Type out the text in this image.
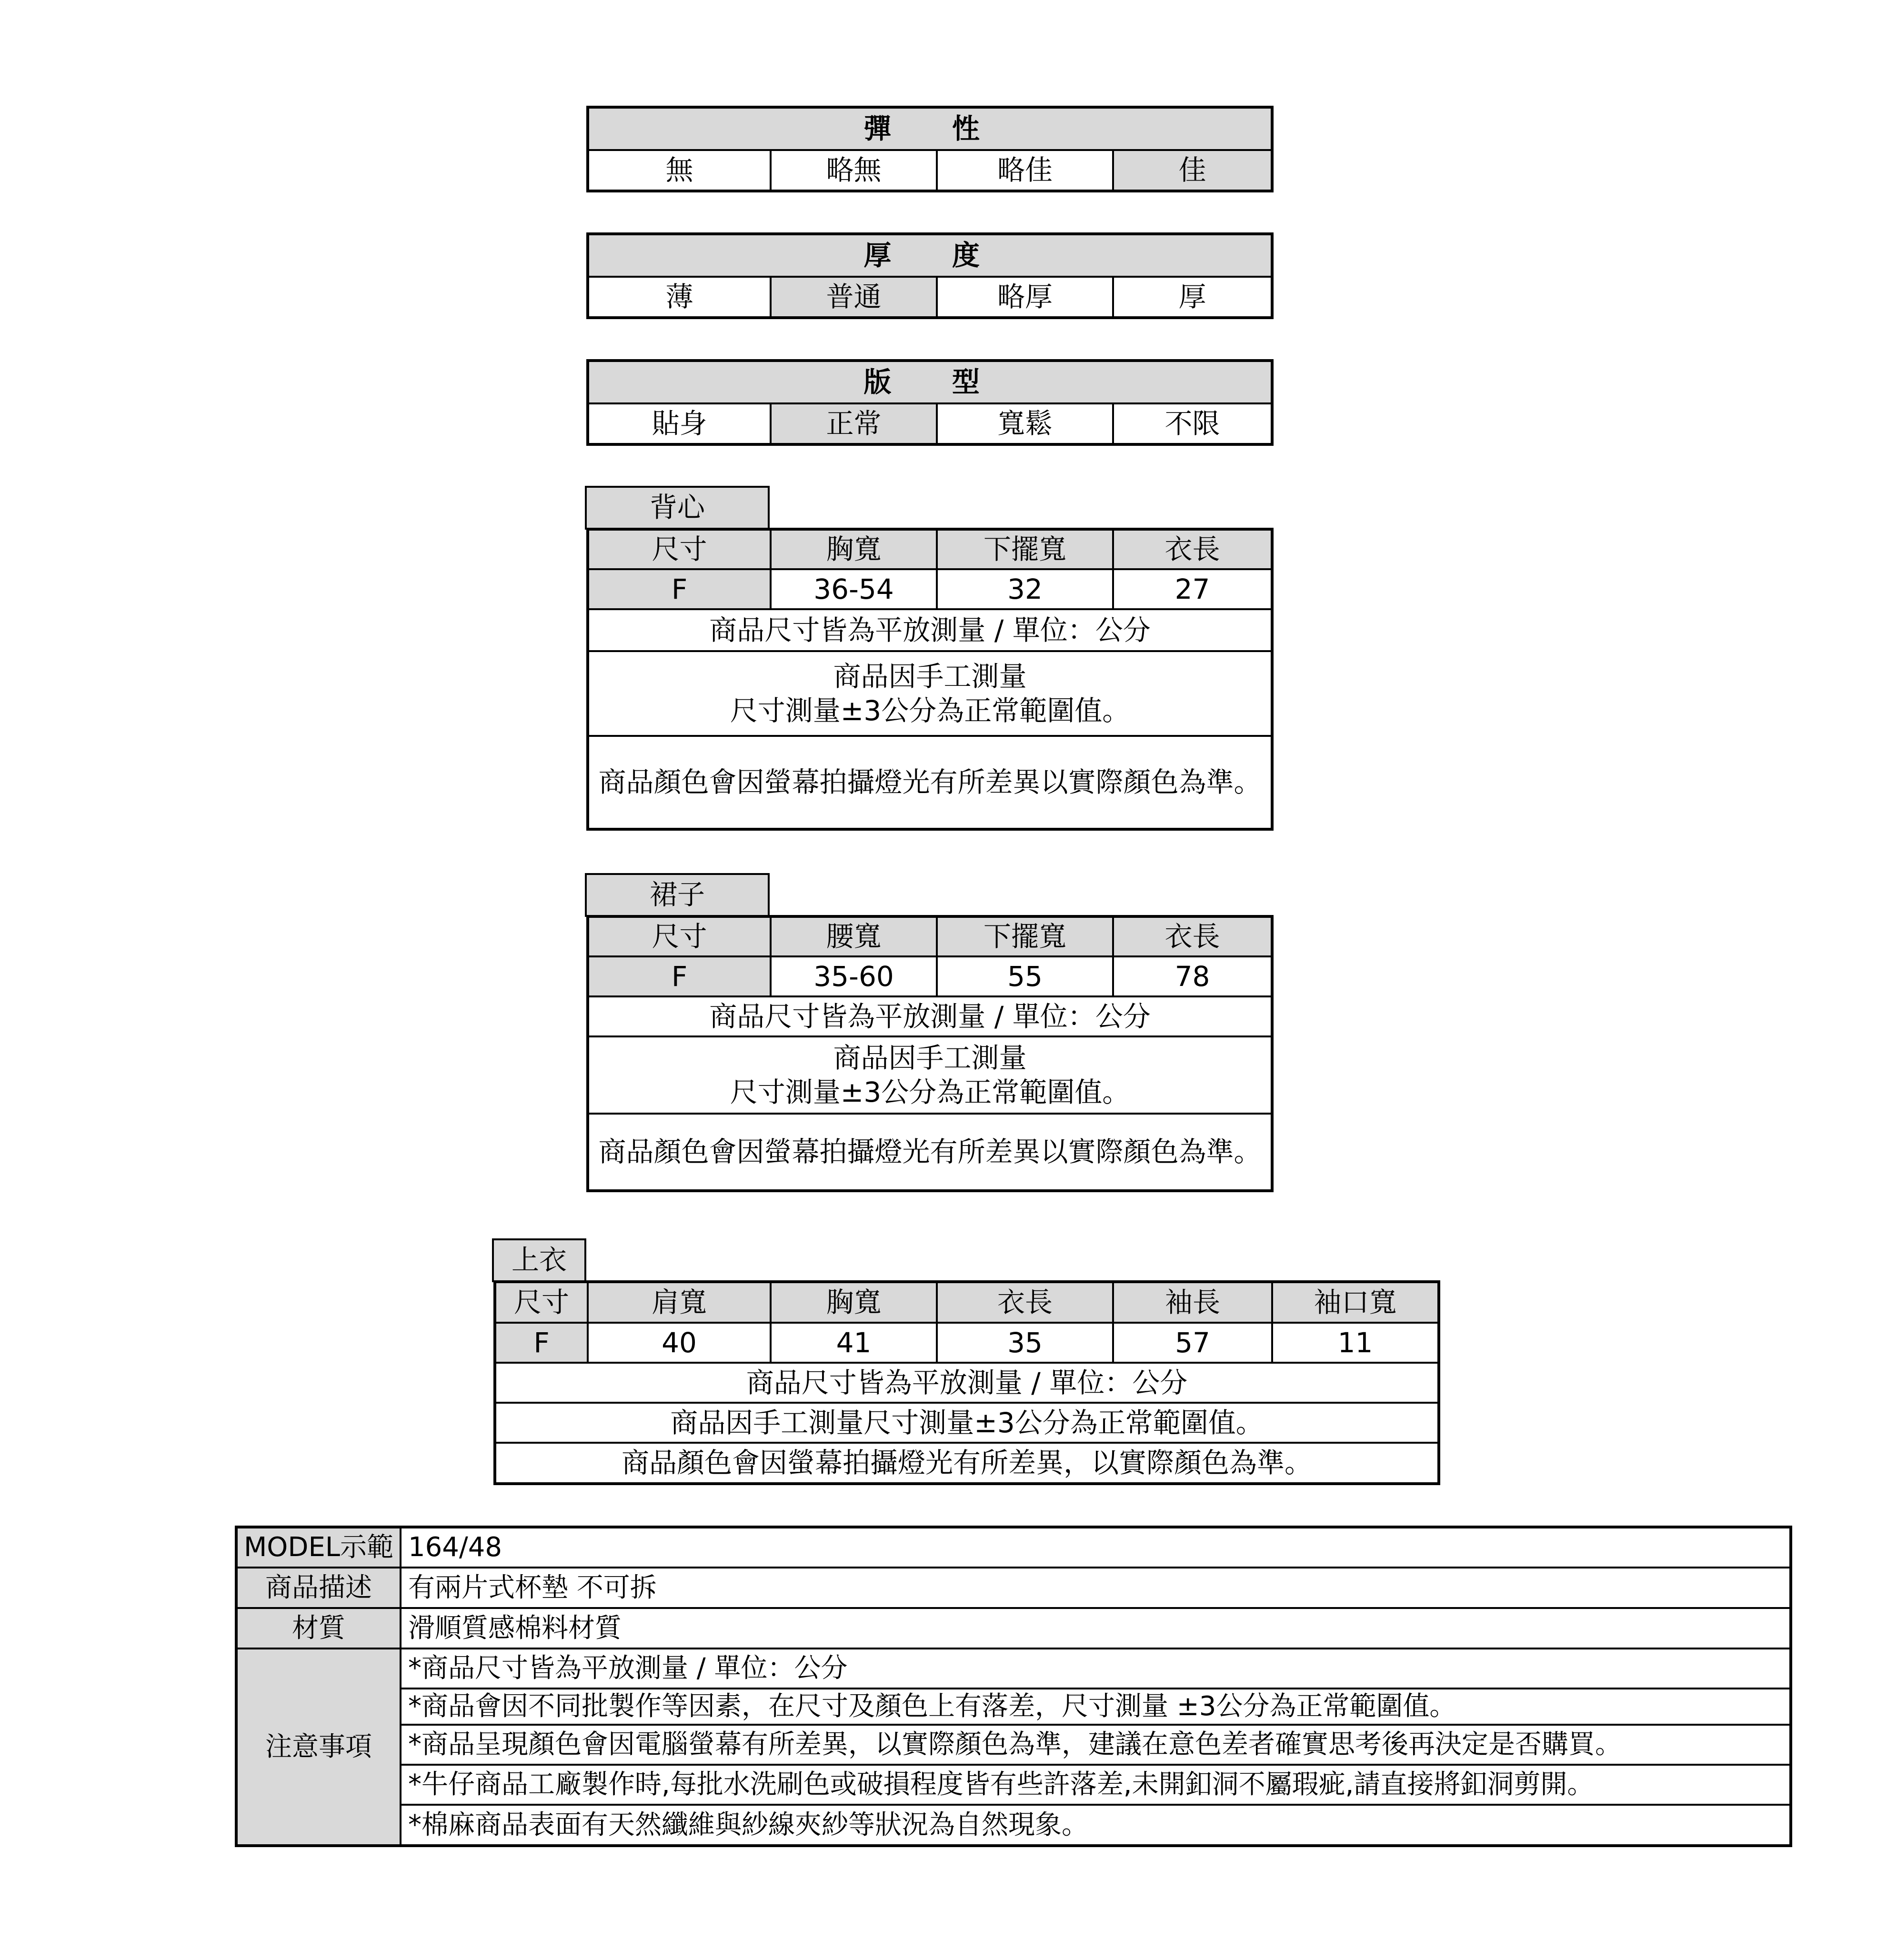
彈　性
無	略無	略佳	佳
厚　度
薄	普通	略厚	厚
版　型
貼身	正常	寬鬆	不限
背心
尺寸	胸寬	下擺寬	衣長
F	36-54	32	27
商品尺寸皆為平放測量 / 單位：公分			

商品因手工測量
尺寸測量±3公分為正常範圍值。			

商品顏色會因螢幕拍攝燈光有所差異以實際顏色為準。			
裙子
尺寸	腰寬	下擺寬	衣長
F	35-60	55	78
商品尺寸皆為平放測量 / 單位：公分			

商品因手工測量
尺寸測量±3公分為正常範圍值。			

商品顏色會因螢幕拍攝燈光有所差異以實際顏色為準。			
上衣
尺寸	肩寬	胸寬	衣長	袖長	袖口寬
F	40	41	35	57	11
商品尺寸皆為平放測量 / 單位：公分					
商品因手工測量尺寸測量±3公分為正常範圍值。					
商品顏色會因螢幕拍攝燈光有所差異，以實際顏色為準。					
MODEL示範	164/48
商品描述	有兩片式杯墊 不可拆
材質	滑順質感棉料材質
注意事項	*商品尺寸皆為平放測量 / 單位：公分
	*商品會因不同批製作等因素，在尺寸及顏色上有落差，尺寸測量 ±3公分為正常範圍值。
	*商品呈現顏色會因電腦螢幕有所差異，以實際顏色為準，建議在意色差者確實思考後再決定是否購買。
	*牛仔商品工廠製作時,每批水洗刷色或破損程度皆有些許落差,未開釦洞不屬瑕疵,請直接將釦洞剪開。
	*棉麻商品表面有天然纖維與紗線夾紗等狀況為自然現象。
